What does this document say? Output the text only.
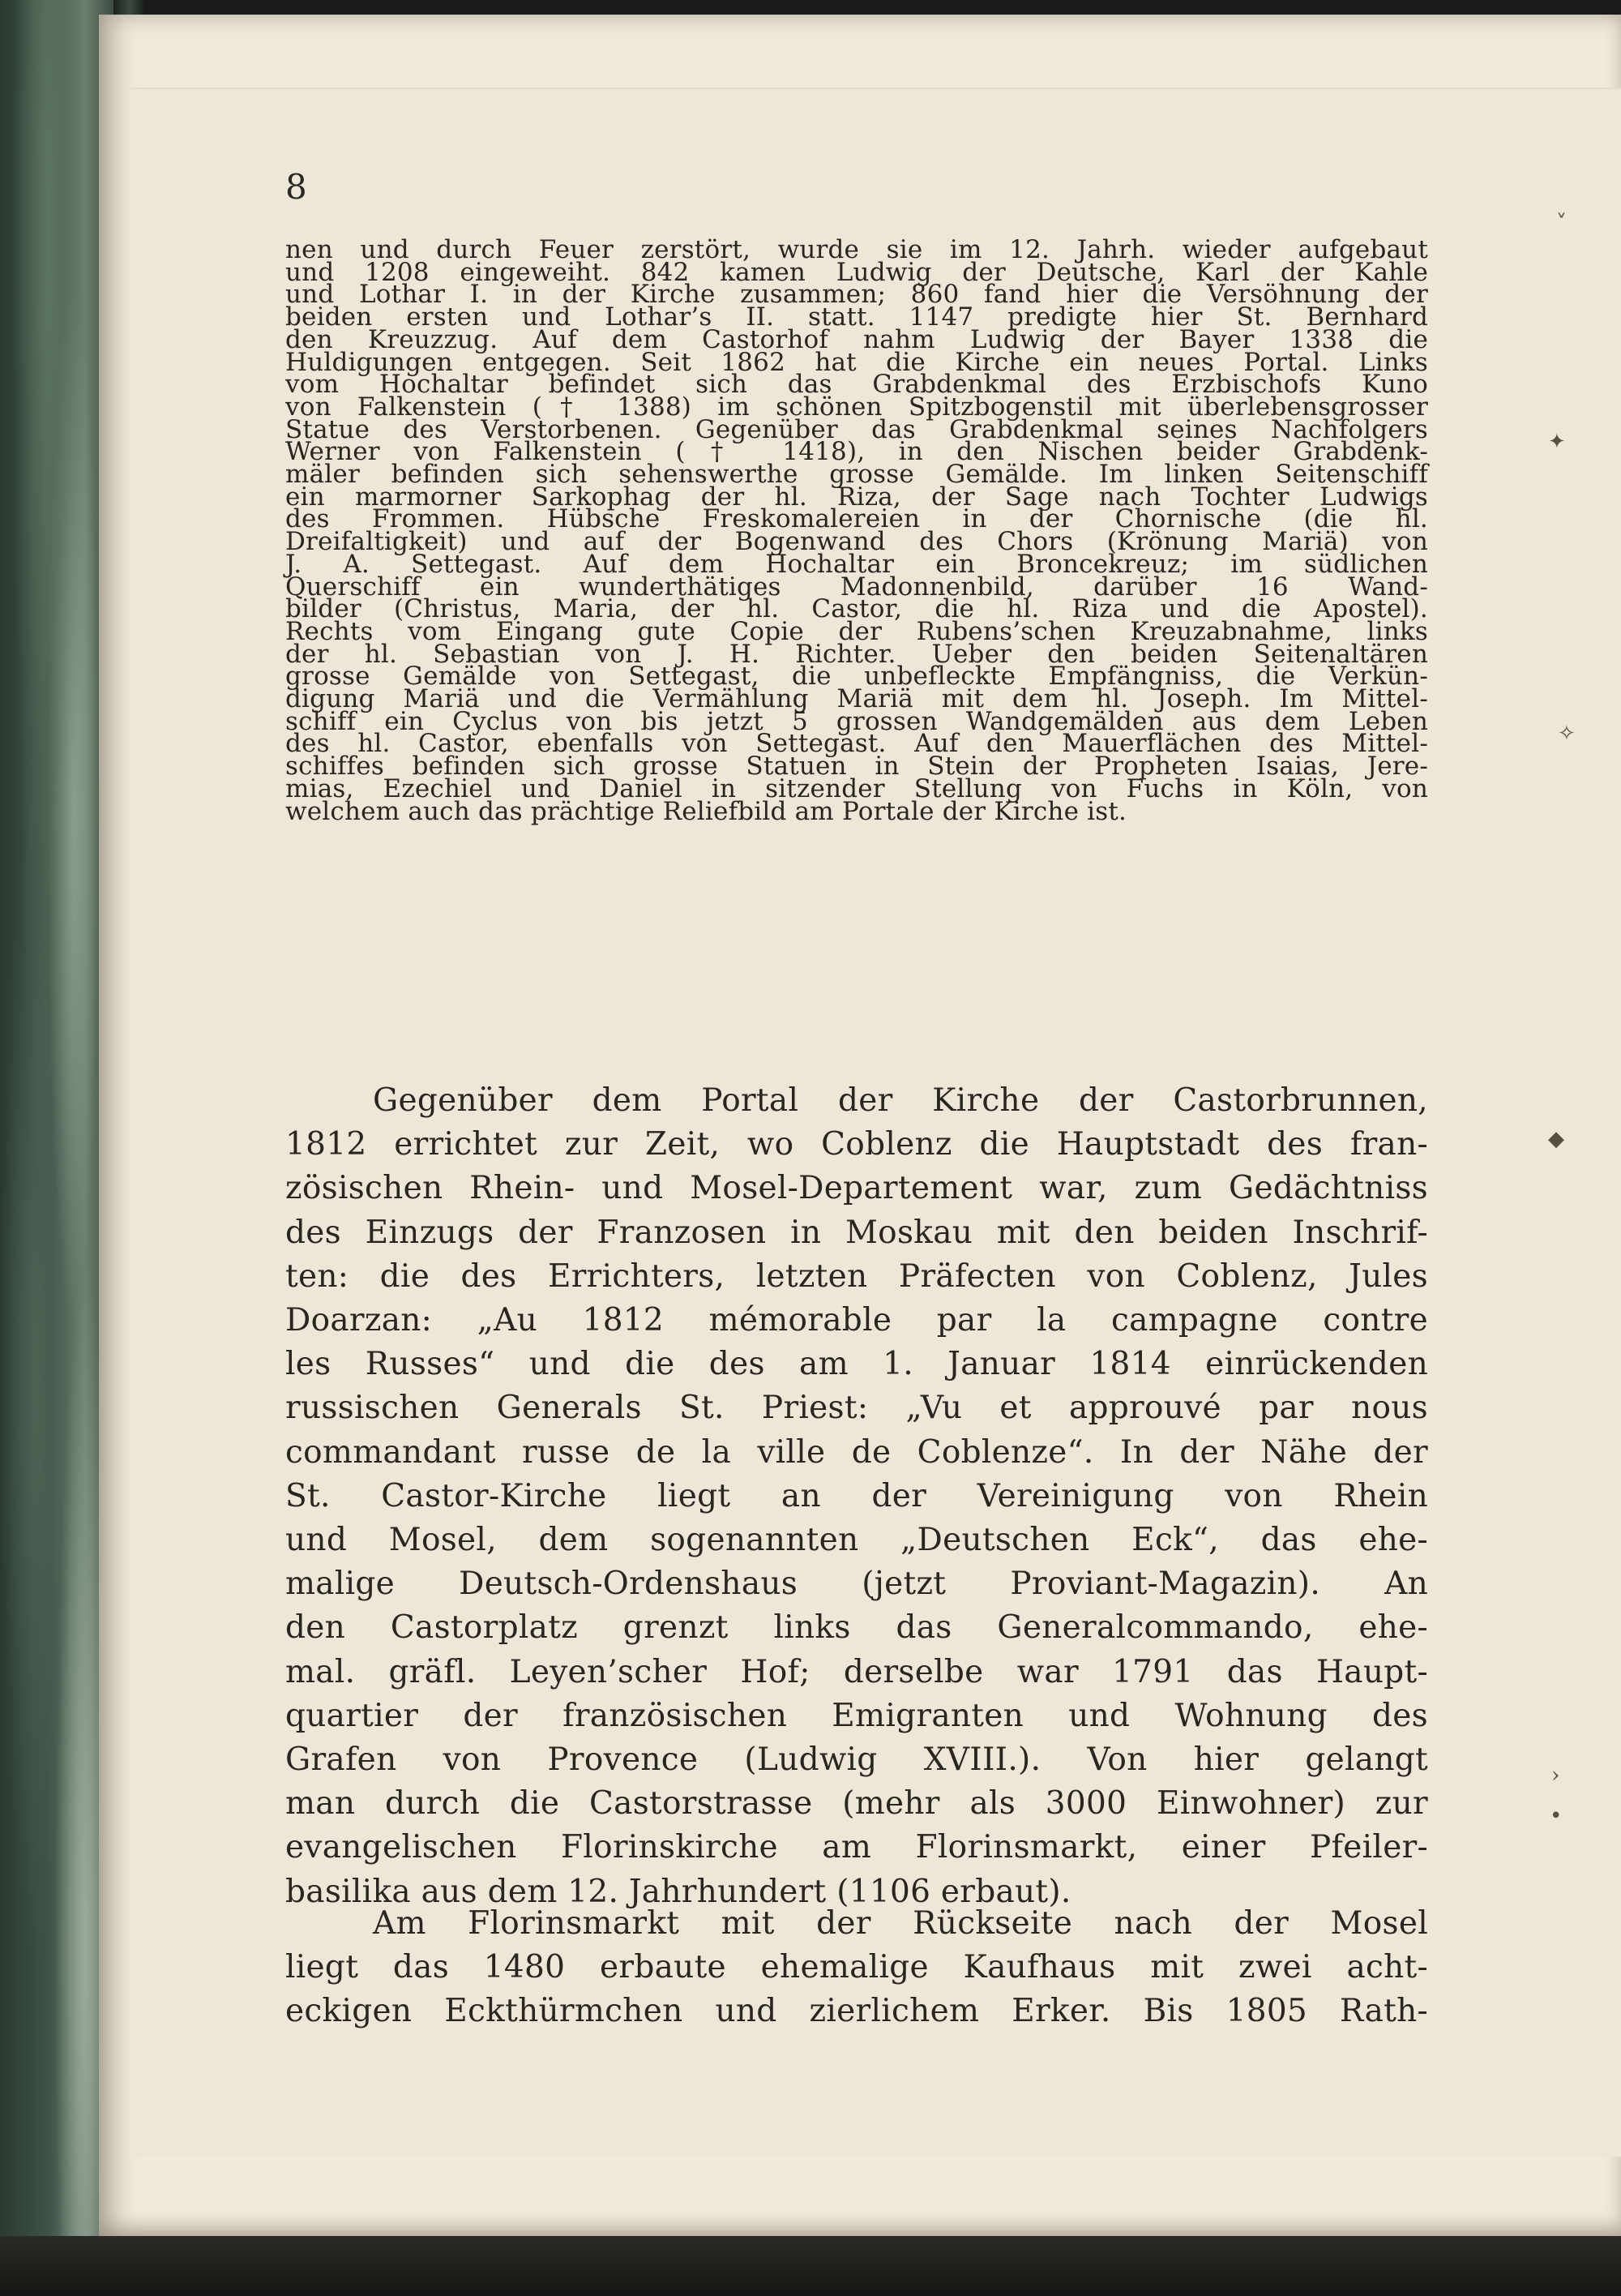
˅
✦
✧
◆
›
•

8

nen und durch Feuer zerstört, wurde sie im 12. Jahrh. wieder aufgebaut

und 1208 eingeweiht. 842 kamen Ludwig der Deutsche, Karl der Kahle

und Lothar I. in der Kirche zusammen; 860 fand hier die Versöhnung der

beiden ersten und Lothar’s II. statt. 1147 predigte hier St. Bernhard

den Kreuzzug. Auf dem Castorhof nahm Ludwig der Bayer 1338 die

Huldigungen entgegen. Seit 1862 hat die Kirche ein neues Portal. Links

vom Hochaltar befindet sich das Grabdenkmal des Erzbischofs Kuno

von Falkenstein († 1388) im schönen Spitzbogenstil mit überlebensgrosser

Statue des Verstorbenen. Gegenüber das Grabdenkmal seines Nachfolgers

Werner von Falkenstein († 1418), in den Nischen beider Grabdenk-

mäler befinden sich sehenswerthe grosse Gemälde. Im linken Seitenschiff

ein marmorner Sarkophag der hl. Riza, der Sage nach Tochter Ludwigs

des Frommen. Hübsche Freskomalereien in der Chornische (die hl.

Dreifaltigkeit) und auf der Bogenwand des Chors (Krönung Mariä) von

J. A. Settegast. Auf dem Hochaltar ein Broncekreuz; im südlichen

Querschiff ein wunderthätiges Madonnenbild, darüber 16 Wand-

bilder (Christus, Maria, der hl. Castor, die hl. Riza und die Apostel).

Rechts vom Eingang gute Copie der Rubens’schen Kreuzabnahme, links

der hl. Sebastian von J. H. Richter. Ueber den beiden Seitenaltären

grosse Gemälde von Settegast, die unbefleckte Empfängniss, die Verkün-

digung Mariä und die Vermählung Mariä mit dem hl. Joseph. Im Mittel-

schiff ein Cyclus von bis jetzt 5 grossen Wandgemälden aus dem Leben

des hl. Castor, ebenfalls von Settegast. Auf den Mauerflächen des Mittel-

schiffes befinden sich grosse Statuen in Stein der Propheten Isaias, Jere-

mias, Ezechiel und Daniel in sitzender Stellung von Fuchs in Köln, von

welchem auch das prächtige Reliefbild am Portale der Kirche ist.

Gegenüber dem Portal der Kirche der Castorbrunnen,

1812 errichtet zur Zeit, wo Coblenz die Hauptstadt des fran-

zösischen Rhein- und Mosel-Departement war, zum Gedächtniss

des Einzugs der Franzosen in Moskau mit den beiden Inschrif-

ten: die des Errichters, letzten Präfecten von Coblenz, Jules

Doarzan: „Au 1812 mémorable par la campagne contre

les Russes“ und die des am 1. Januar 1814 einrückenden

russischen Generals St. Priest: „Vu et approuvé par nous

commandant russe de la ville de Coblenze“. In der Nähe der

St. Castor-Kirche liegt an der Vereinigung von Rhein

und Mosel, dem sogenannten „Deutschen Eck“, das ehe-

malige Deutsch-Ordenshaus (jetzt Proviant-Magazin). An

den Castorplatz grenzt links das Generalcommando, ehe-

mal. gräfl. Leyen’scher Hof; derselbe war 1791 das Haupt-

quartier der französischen Emigranten und Wohnung des

Grafen von Provence (Ludwig XVIII.). Von hier gelangt

man durch die Castorstrasse (mehr als 3000 Einwohner) zur

evangelischen Florinskirche am Florinsmarkt, einer Pfeiler-

basilika aus dem 12. Jahrhundert (1106 erbaut).

Am Florinsmarkt mit der Rückseite nach der Mosel

liegt das 1480 erbaute ehemalige Kaufhaus mit zwei acht-

eckigen Eckthürmchen und zierlichem Erker. Bis 1805 Rath-
